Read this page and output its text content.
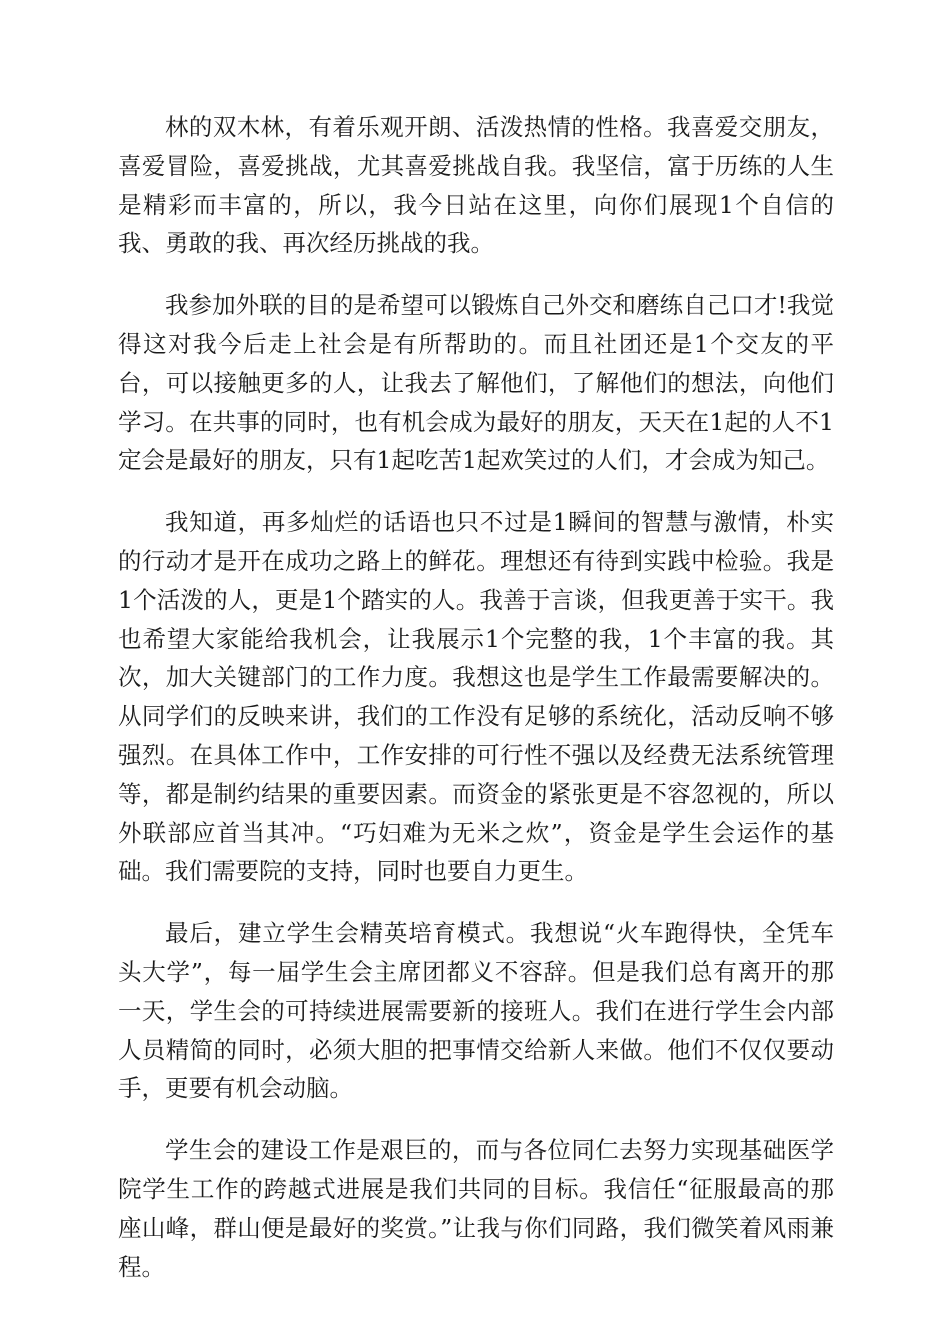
林的双木林，有着乐观开朗、活泼热情的性格。我喜爱交朋友，喜爱冒险，喜爱挑战，尤其喜爱挑战自我。我坚信，富于历练的人生是精彩而丰富的，所以，我今日站在这里，向你们展现1个自信的我、勇敢的我、再次经历挑战的我。

我参加外联的目的是希望可以锻炼自己外交和磨练自己口才!我觉得这对我今后走上社会是有所帮助的。而且社团还是1个交友的平台，可以接触更多的人，让我去了解他们，了解他们的想法，向他们学习。在共事的同时，也有机会成为最好的朋友，天天在1起的人不1定会是最好的朋友，只有1起吃苦1起欢笑过的人们，才会成为知己。

我知道，再多灿烂的话语也只不过是1瞬间的智慧与激情，朴实的行动才是开在成功之路上的鲜花。理想还有待到实践中检验。我是1个活泼的人，更是1个踏实的人。我善于言谈，但我更善于实干。我也希望大家能给我机会，让我展示1个完整的我，1个丰富的我。其次，加大关键部门的工作力度。我想这也是学生工作最需要解决的。从同学们的反映来讲，我们的工作没有足够的系统化，活动反响不够强烈。在具体工作中，工作安排的可行性不强以及经费无法系统管理等，都是制约结果的重要因素。而资金的紧张更是不容忽视的，所以外联部应首当其冲。“巧妇难为无米之炊”，资金是学生会运作的基础。我们需要院的支持，同时也要自力更生。

最后，建立学生会精英培育模式。我想说“火车跑得快，全凭车头大学”，每一届学生会主席团都义不容辞。但是我们总有离开的那一天，学生会的可持续进展需要新的接班人。我们在进行学生会内部人员精简的同时，必须大胆的把事情交给新人来做。他们不仅仅要动手，更要有机会动脑。

学生会的建设工作是艰巨的，而与各位同仁去努力实现基础医学院学生工作的跨越式进展是我们共同的目标。我信任“征服最高的那座山峰，群山便是最好的奖赏。”让我与你们同路，我们微笑着风雨兼程。
